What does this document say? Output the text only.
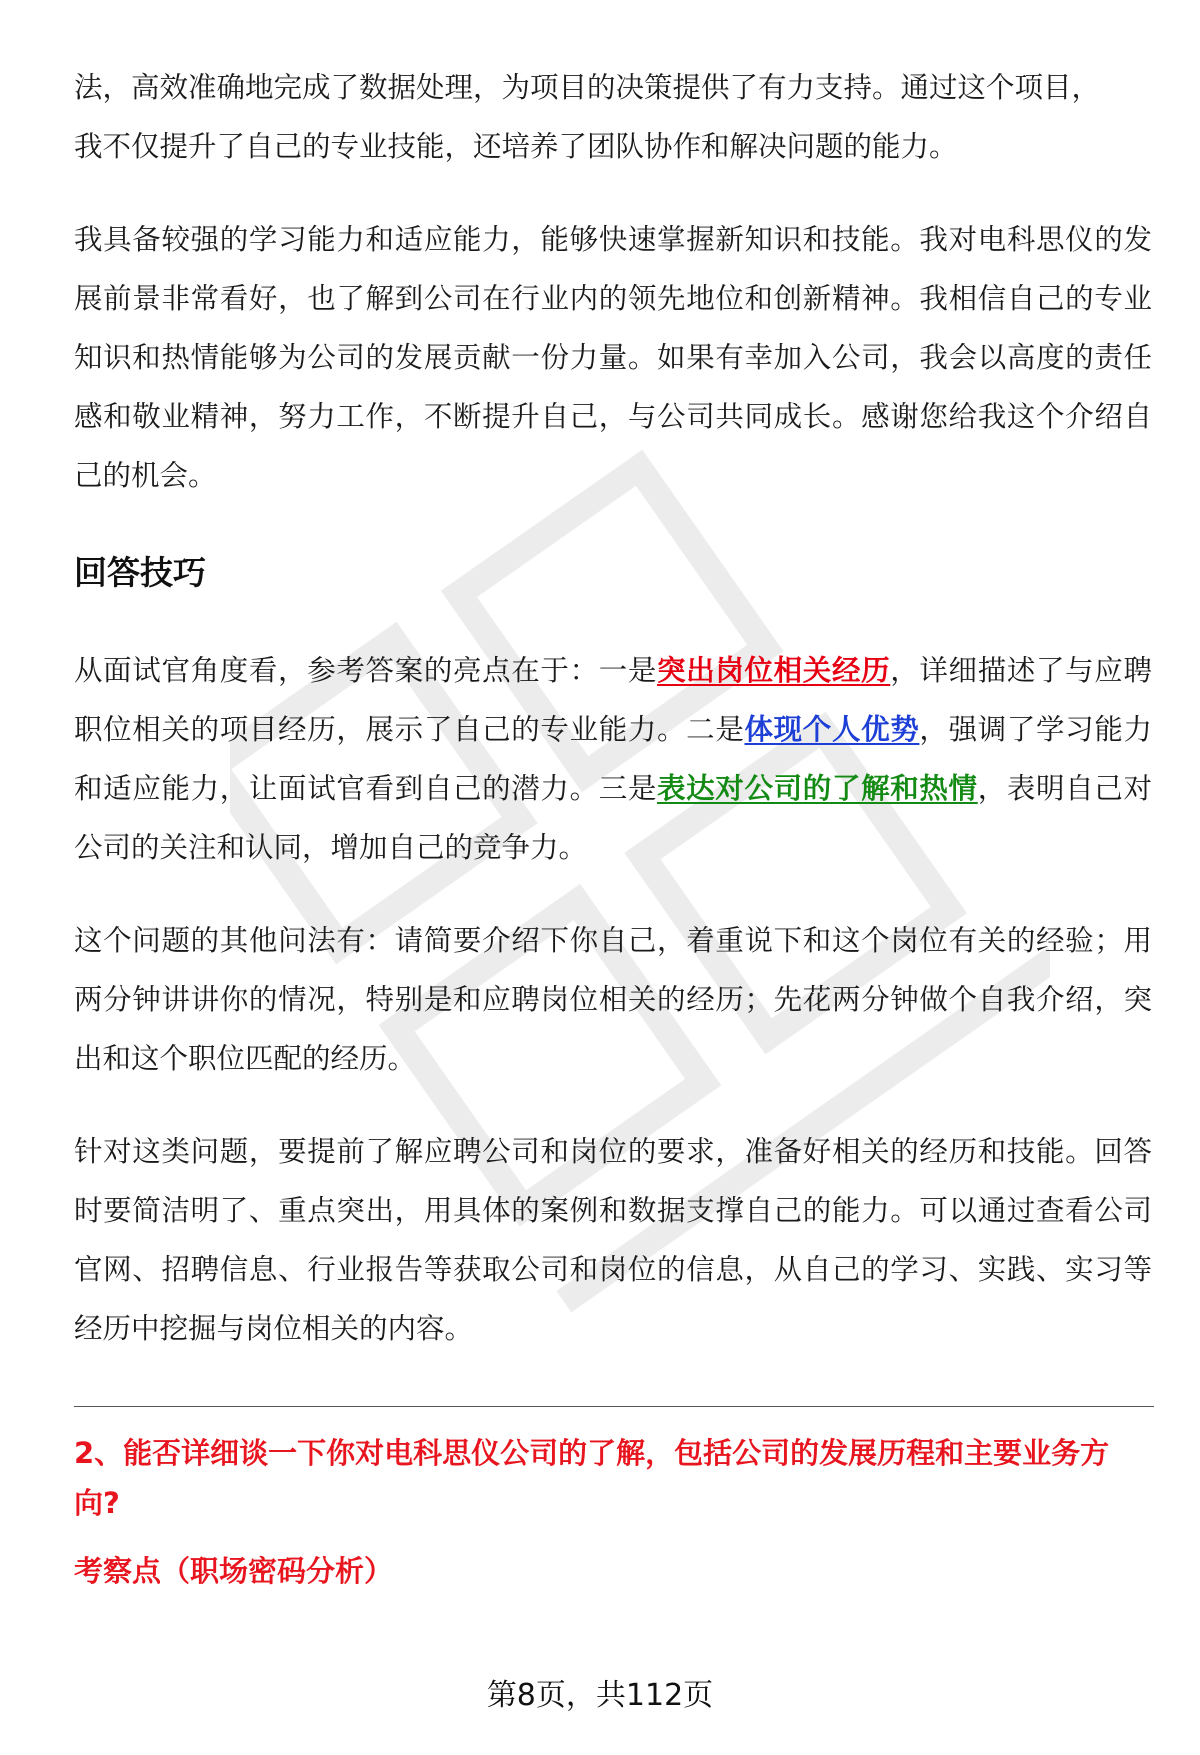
法，高效准确地完成了数据处理，为项目的决策提供了有力支持。通过这个项目，
我不仅提升了自己的专业技能，还培养了团队协作和解决问题的能力。

我具备较强的学习能力和适应能力，能够快速掌握新知识和技能。我对电科思仪的发展前景非常看好，也了解到公司在行业内的领先地位和创新精神。我相信自己的专业知识和热情能够为公司的发展贡献一份力量。如果有幸加入公司，我会以高度的责任感和敬业精神，努力工作，不断提升自己，与公司共同成长。感谢您给我这个介绍自己的机会。

回答技巧

从面试官角度看，参考答案的亮点在于：一是突出岗位相关经历，详细描述了与应聘职位相关的项目经历，展示了自己的专业能力。二是体现个人优势，强调了学习能力和适应能力，让面试官看到自己的潜力。三是表达对公司的了解和热情，表明自己对公司的关注和认同，增加自己的竞争力。

这个问题的其他问法有：请简要介绍下你自己，着重说下和这个岗位有关的经验；用两分钟讲讲你的情况，特别是和应聘岗位相关的经历；先花两分钟做个自我介绍，突出和这个职位匹配的经历。

针对这类问题，要提前了解应聘公司和岗位的要求，准备好相关的经历和技能。回答时要简洁明了、重点突出，用具体的案例和数据支撑自己的能力。可以通过查看公司官网、招聘信息、行业报告等获取公司和岗位的信息，从自己的学习、实践、实习等经历中挖掘与岗位相关的内容。

2、能否详细谈一下你对电科思仪公司的了解，包括公司的发展历程和主要业务方向?

考察点（职场密码分析）

第8页，共112页
